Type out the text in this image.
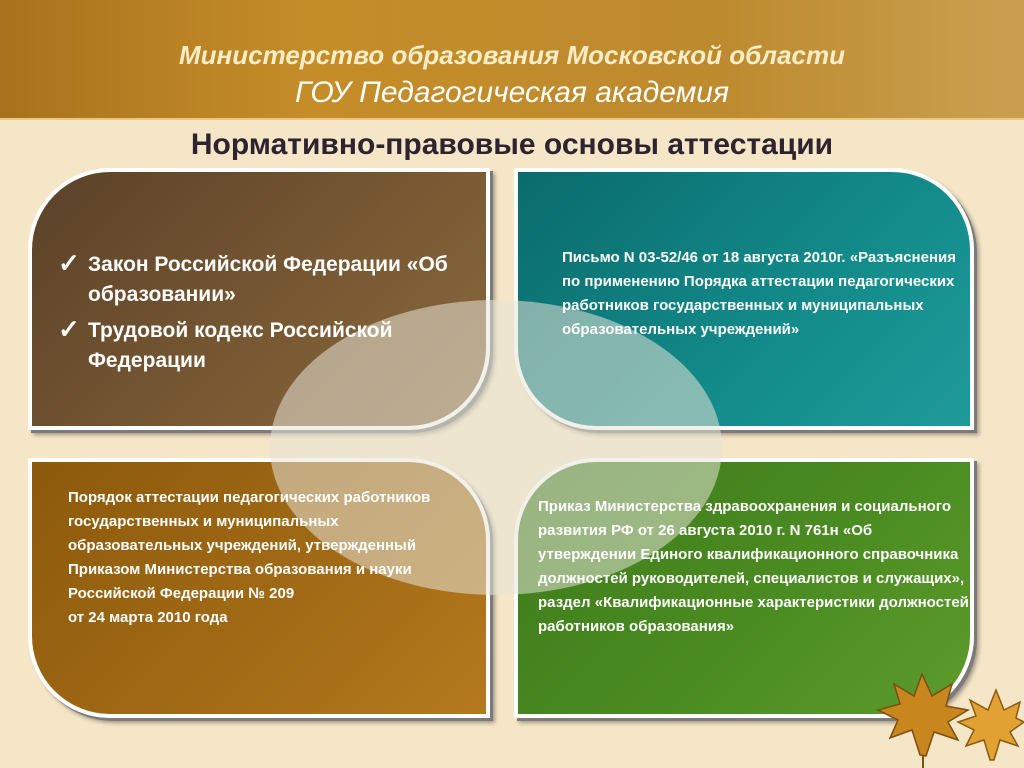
Министерство образования Московской области
ГОУ Педагогическая академия
Нормативно-правовые основы аттестации
✓ Закон Российской Федерации «Об образовании»
✓ Трудовой кодекс Российской Федерации
Письмо N 03-52/46 от 18 августа 2010г. «Разъяснения по применению Порядка аттестации педагогических работников государственных и муниципальных образовательных учреждений»
Порядок аттестации педагогических работников государственных и муниципальных образовательных учреждений, утвержденный Приказом Министерства образования и науки Российской Федерации № 209
от 24 марта 2010 года
Приказ Министерства здравоохранения и социального развития РФ от 26 августа 2010 г. N 761н «Об утверждении Единого квалификационного справочника должностей руководителей, специалистов и служащих», раздел «Квалификационные характеристики должностей работников образования»
